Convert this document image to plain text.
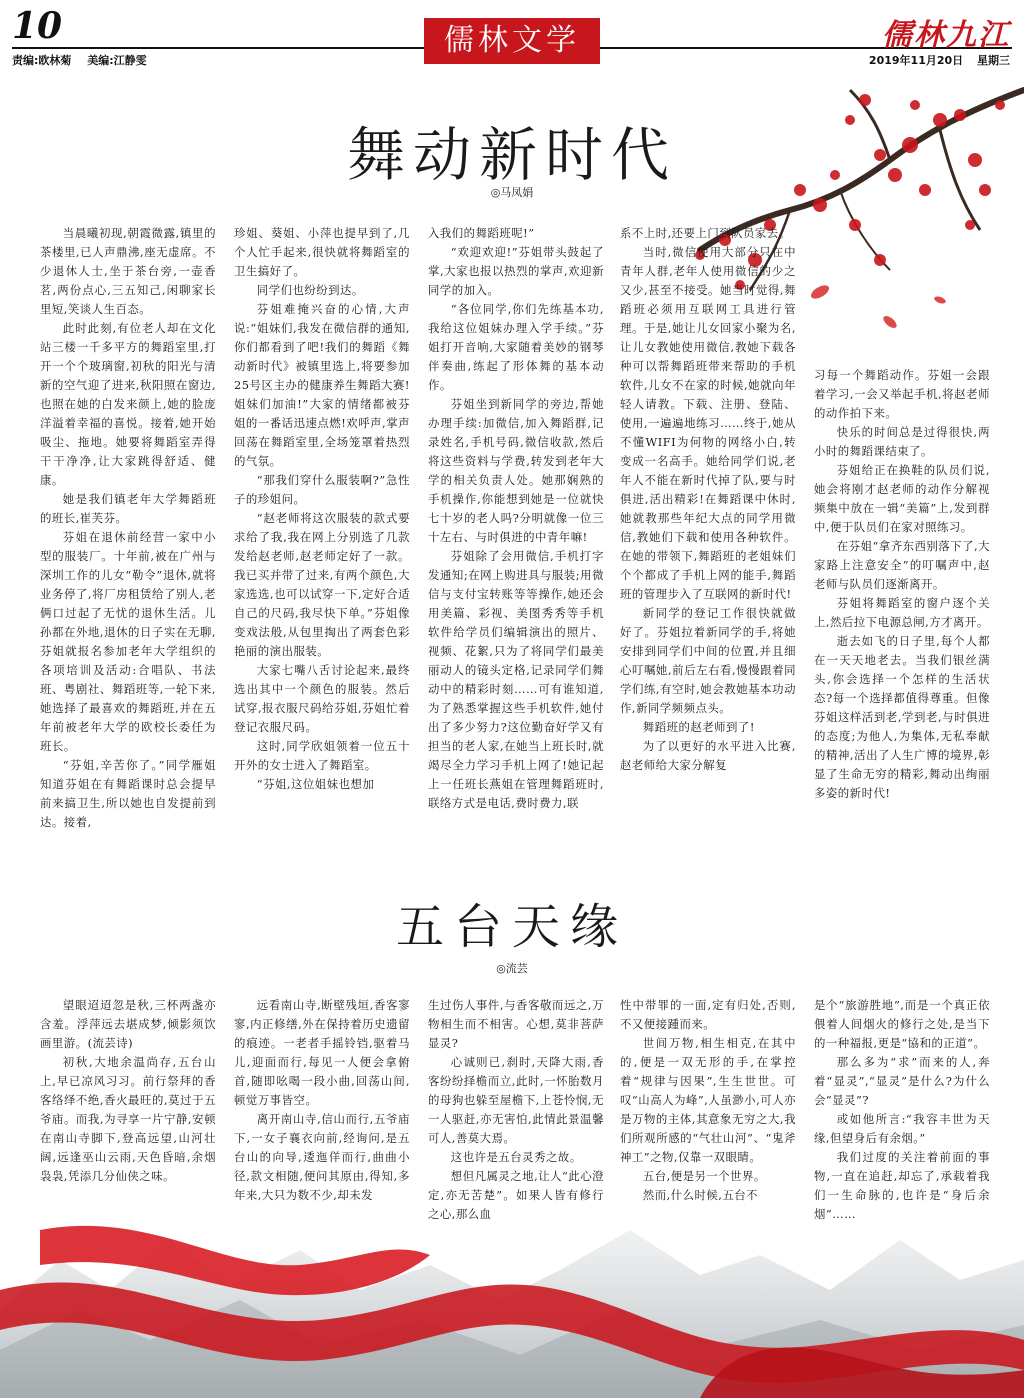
10
责编:欧林菊 美编:江静雯
儒林文学	儒林九江
2019年11月20日 星期三
舞动新时代
◎马凤娟

当晨曦初现,朝霞微露,镇里的茶楼里,已人声鼎沸,座无虚席。不少退休人士,坐于茶台旁,一壶香茗,两份点心,三五知己,闲聊家长里短,笑谈人生百态。

此时此刻,有位老人却在文化站三楼一千多平方的舞蹈室里,打开一个个玻璃窗,初秋的阳光与清新的空气迎了进来,秋阳照在窗边,也照在她的白发来颜上,她的脸庞洋溢着幸福的喜悦。接着,她开始吸尘、拖地。她要将舞蹈室弄得干干净净,让大家跳得舒适、健康。

她是我们镇老年大学舞蹈班的班长,崔芙芬。

芬姐在退休前经营一家中小型的服装厂。十年前,被在广州与深圳工作的儿女“勒令”退休,就将业务停了,将厂房租赁给了别人,老俩口过起了无忧的退休生活。儿孙都在外地,退休的日子实在无聊,芬姐就报名参加老年大学组织的各项培训及活动:合唱队、书法班、粤剧社、舞蹈班等,一轮下来,她选择了最喜欢的舞蹈班,并在五年前被老年大学的欧校长委任为班长。

“芬姐,辛苦你了。”同学雁姐知道芬姐在有舞蹈课时总会提早前来搞卫生,所以她也自发提前到达。接着,

珍姐、葵姐、小萍也提早到了,几个人忙手起来,很快就将舞蹈室的卫生搞好了。

同学们也纷纷到达。

芬姐难掩兴奋的心情,大声说:“姐妹们,我发在微信群的通知,你们都看到了吧!我们的舞蹈《舞动新时代》被镇里选上,将要参加25号区主办的健康养生舞蹈大赛!姐妹们加油!”大家的情绪都被芬姐的一番话迅速点燃!欢呼声,掌声回荡在舞蹈室里,全场笼罩着热烈的气氛。

“那我们穿什么服装啊?”急性子的珍姐问。

“赵老师将这次服装的款式要求给了我,我在网上分别选了几款发给赵老师,赵老师定好了一款。我已买并带了过来,有两个颜色,大家选选,也可以试穿一下,定好合适自己的尺码,我尽快下单。”芬姐像变戏法般,从包里掏出了两套色彩艳丽的演出服装。

大家七嘴八舌讨论起来,最终选出其中一个颜色的服装。然后试穿,报衣服尺码给芬姐,芬姐忙着登记衣服尺码。

这时,同学欣姐领着一位五十开外的女士进入了舞蹈室。

“芬姐,这位姐妹也想加

入我们的舞蹈班呢!”

“欢迎欢迎!”芬姐带头鼓起了掌,大家也报以热烈的掌声,欢迎新同学的加入。

“各位同学,你们先练基本功,我给这位姐妹办理入学手续。”芬姐打开音响,大家随着美妙的钢琴伴奏曲,练起了形体舞的基本动作。

芬姐坐到新同学的旁边,帮她办理手续:加微信,加入舞蹈群,记录姓名,手机号码,微信收款,然后将这些资料与学费,转发到老年大学的相关负责人处。她那娴熟的手机操作,你能想到她是一位就快七十岁的老人吗?分明就像一位三十左右、与时俱进的中青年嘛!

芬姐除了会用微信,手机打字发通知;在网上购进具与服装;用微信与支付宝转账等等操作,她还会用美篇、彩视、美图秀秀等手机软件给学员们编辑演出的照片、视频、花絮,只为了将同学们最美丽动人的镜头定格,记录同学们舞动中的精彩时刻……可有谁知道,为了熟悉掌握这些手机软件,她付出了多少努力?这位勤奋好学又有担当的老人家,在她当上班长时,就竭尽全力学习手机上网了!她记起上一任班长燕姐在管理舞蹈班时,联络方式是电话,费时费力,联

系不上时,还要上门到队员家去。

当时,微信使用大部分只在中青年人群,老年人使用微信的少之又少,甚至不接受。她当时觉得,舞蹈班必须用互联网工具进行管理。于是,她让儿女回家小聚为名,让儿女教她使用微信,教她下载各种可以帮舞蹈班带来帮助的手机软件,儿女不在家的时候,她就向年轻人请教。下载、注册、登陆、使用,一遍遍地练习……终于,她从不懂WIFI为何物的网络小白,转变成一名高手。她给同学们说,老年人不能在新时代掉了队,要与时俱进,活出精彩!在舞蹈课中休时,她就教那些年纪大点的同学用微信,教她们下载和使用各种软件。在她的带领下,舞蹈班的老姐妹们个个都成了手机上网的能手,舞蹈班的管理步入了互联网的新时代!

新同学的登记工作很快就做好了。芬姐拉着新同学的手,将她安排到同学们中间的位置,并且细心叮嘱她,前后左右看,慢慢跟着同学们练,有空时,她会教她基本功动作,新同学频频点头。

舞蹈班的赵老师到了!

为了以更好的水平进入比赛,赵老师给大家分解复

习每一个舞蹈动作。芬姐一会跟着学习,一会又举起手机,将赵老师的动作拍下来。

快乐的时间总是过得很快,两小时的舞蹈课结束了。

芬姐给正在换鞋的队员们说,她会将刚才赵老师的动作分解视频集中放在一辑“美篇”上,发到群中,便于队员们在家对照练习。

在芬姐“拿齐东西别落下了,大家路上注意安全”的叮嘱声中,赵老师与队员们逐渐离开。

芬姐将舞蹈室的窗户逐个关上,然后拉下电源总闸,方才离开。

逝去如飞的日子里,每个人都在一天天地老去。当我们银丝满头,你会选择一个怎样的生活状态?每一个选择都值得尊重。但像芬姐这样活到老,学到老,与时俱进的态度;为他人,为集体,无私奉献的精神,活出了人生广博的境界,彰显了生命无穷的精彩,舞动出绚丽多姿的新时代!

五台天缘
◎流芸

望眼迢迢忽是秋,三杯两盏亦含羞。浮萍远去堪成梦,倾影须饮画里游。(流芸诗)

初秋,大地余温尚存,五台山上,早已凉风习习。前行祭拜的香客络绎不绝,香火最旺的,莫过于五爷庙。而我,为寻享一片宁静,安顿在南山寺脚下,登高远望,山河壮阔,远逢巫山云雨,天色昏暗,余烟袅袅,凭添几分仙侠之味。

远看南山寺,断壁残垣,香客寥寥,内正修缮,外在保持着历史遗留的痕迹。一老者手摇铃铛,驱着马儿,迎面而行,每见一人便会拿俯首,随即吆喝一段小曲,回荡山间,顿觉万事皆空。

离开南山寺,信山而行,五爷庙下,一女子襄衣向前,经询问,是五台山的向导,逶迤佯而行,曲曲小径,款文相随,便问其原由,得知,多年来,大只为数不少,却未发

生过伤人事件,与香客敬而远之,万物相生而不相害。心想,莫非菩萨显灵?

心诚则已,刹时,天降大雨,香客纷纷择檐而立,此时,一怀胎数月的母狗也躲至屋檐下,上苍怜悯,无一人驱赶,亦无害怕,此情此景温馨可人,善莫大焉。

这也许是五台灵秀之故。

想但凡属灵之地,让人“此心澄定,亦无苦楚”。如果人皆有修行之心,那么血

性中带罪的一面,定有归处,否则,不又便接踵而来。

世间万物,相生相克,在其中的,便是一双无形的手,在掌控着“规律与因果”,生生世世。可叹“山高人为峰”,人虽渺小,可人亦是万物的主体,其意象无穷之大,我们所观所感的“气壮山河”、“鬼斧神工”之物,仅靠一双眼睛。

五台,便是另一个世界。

然而,什么时候,五台不

是个“旅游胜地”,而是一个真正依偎着人间烟火的修行之处,是当下的一种福报,更是“協和的正道”。

那么多为“求”而来的人,奔着“显灵”,“显灵”是什么?为什么会“显灵”?

或如他所言:“我容丰世为天缘,但望身后有余烟。”

我们过度的关注着前面的事物,一直在追赶,却忘了,承载着我们一生命脉的,也许是“身后余烟”……
